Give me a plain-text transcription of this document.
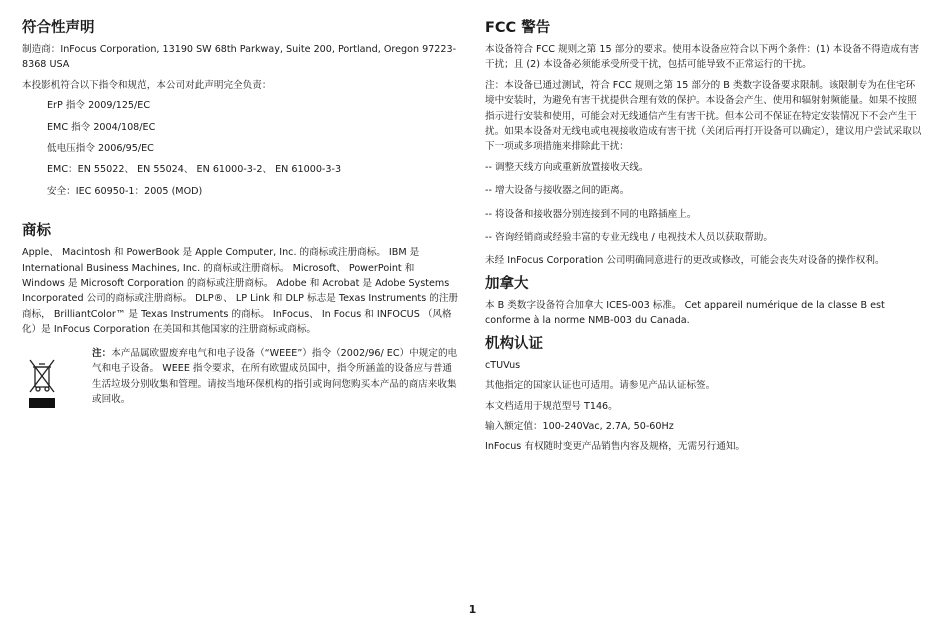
符合性声明

制造商：InFocus Corporation, 13190 SW 68th Parkway, Suite 200, Portland, Oregon 97223-8368 USA

本投影机符合以下指令和规范，本公司对此声明完全负责：

ErP 指令 2009/125/EC

EMC 指令 2004/108/EC

低电压指令 2006/95/EC

EMC：EN 55022、 EN 55024、 EN 61000-3-2、 EN 61000-3-3

安全：IEC 60950-1：2005 (MOD)

商标

Apple、 Macintosh 和 PowerBook 是 Apple Computer, Inc. 的商标或注册商标。 IBM 是 International Business Machines, Inc. 的商标或注册商标。 Microsoft、 PowerPoint 和 Windows 是 Microsoft Corporation 的商标或注册商标。 Adobe 和 Acrobat 是 Adobe Systems Incorporated 公司的商标或注册商标。 DLP®、 LP Link 和 DLP 标志是 Texas Instruments 的注册商标， BrilliantColor™ 是 Texas Instruments 的商标。 InFocus、 In Focus 和 INFOCUS （风格化）是 InFocus Corporation 在美国和其他国家的注册商标或商标。

注：本产品属欧盟废弃电气和电子设备（“WEEE”）指令（2002/96/ EC）中规定的电气和电子设备。 WEEE 指令要求，在所有欧盟成员国中，指令所涵盖的设备应与普通生活垃圾分别收集和管理。请按当地环保机构的指引或询问您购买本产品的商店来收集或回收。
FCC 警告

本设备符合 FCC 规则之第 15 部分的要求。使用本设备应符合以下两个条件：(1) 本设备不得造成有害干扰；且 (2) 本设备必须能承受所受干扰，包括可能导致不正常运行的干扰。

注：本设备已通过测试，符合 FCC 规则之第 15 部分的 B 类数字设备要求限制。该限制专为在住宅环境中安装时，为避免有害干扰提供合理有效的保护。本设备会产生、使用和辐射射频能量。如果不按照指示进行安装和使用，可能会对无线通信产生有害干扰。但本公司不保证在特定安装情况下不会产生干扰。如果本设备对无线电或电视接收造成有害干扰（关闭后再打开设备可以确定），建议用户尝试采取以下一项或多项措施来排除此干扰：

-- 调整天线方向或重新放置接收天线。

-- 增大设备与接收器之间的距离。

-- 将设备和接收器分别连接到不同的电路插座上。

-- 咨询经销商或经验丰富的专业无线电 / 电视技术人员以获取帮助。

未经 InFocus Corporation 公司明确同意进行的更改或修改，可能会丧失对设备的操作权利。

加拿大

本 B 类数字设备符合加拿大 ICES-003 标准。 Cet appareil numérique de la classe B est conforme à la norme NMB-003 du Canada.

机构认证

cTUVus

其他指定的国家认证也可适用。请参见产品认证标签。

本文档适用于规范型号 T146。

输入额定值：100-240Vac, 2.7A, 50-60Hz

InFocus 有权随时变更产品销售内容及规格，无需另行通知。

1
